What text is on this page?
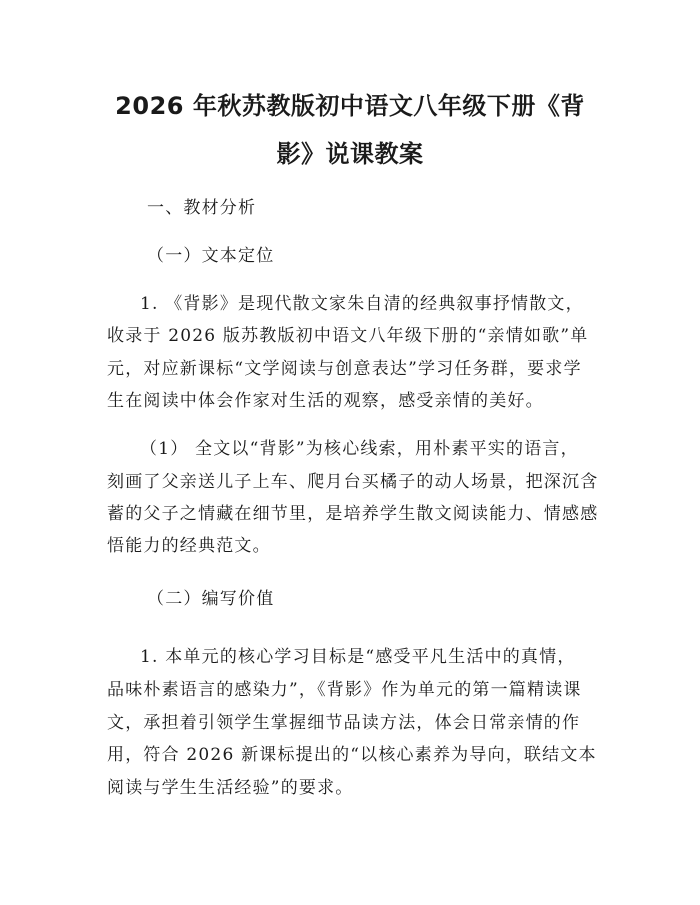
2026 年秋苏教版初中语文八年级下册《背
影》说课教案

一、教材分析

（一）文本定位

1. 《背影》是现代散文家朱自清的经典叙事抒情散文，

收录于 2026 版苏教版初中语文八年级下册的“亲情如歌”单

元，对应新课标“文学阅读与创意表达”学习任务群，要求学

生在阅读中体会作家对生活的观察，感受亲情的美好。

（1） 全文以“背影”为核心线索，用朴素平实的语言，

刻画了父亲送儿子上车、爬月台买橘子的动人场景，把深沉含

蓄的父子之情藏在细节里，是培养学生散文阅读能力、情感感

悟能力的经典范文。

（二）编写价值

1. 本单元的核心学习目标是“感受平凡生活中的真情，

品味朴素语言的感染力”，《背影》作为单元的第一篇精读课

文，承担着引领学生掌握细节品读方法，体会日常亲情的作

用，符合 2026 新课标提出的“以核心素养为导向，联结文本

阅读与学生生活经验”的要求。
